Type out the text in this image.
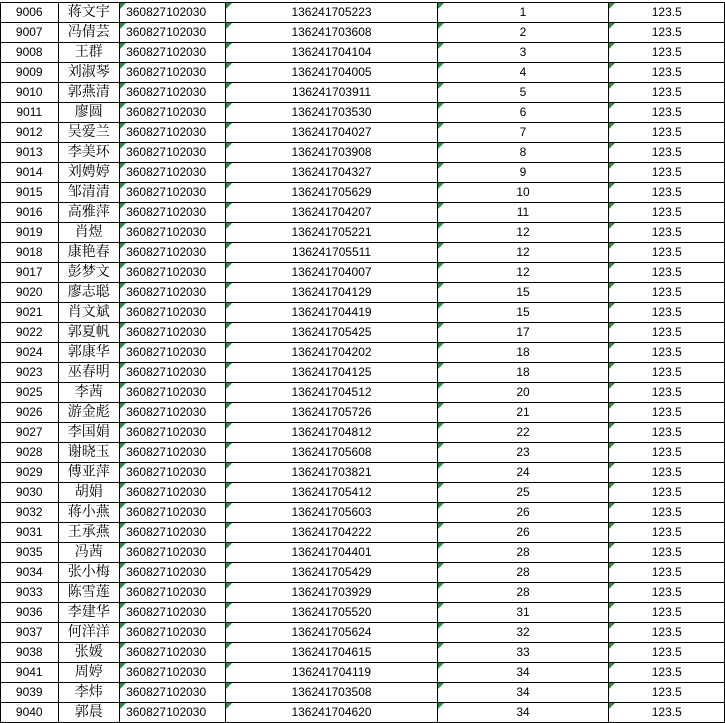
9006	蒋文宇	360827102030	136241705223	1	123.5
9007	冯倩芸	360827102030	136241703608	2	123.5
9008	王群	360827102030	136241704104	3	123.5
9009	刘淑琴	360827102030	136241704005	4	123.5
9010	郭燕清	360827102030	136241703911	5	123.5
9011	廖圆	360827102030	136241703530	6	123.5
9012	吴爱兰	360827102030	136241704027	7	123.5
9013	李美环	360827102030	136241703908	8	123.5
9014	刘娉婷	360827102030	136241704327	9	123.5
9015	邹清清	360827102030	136241705629	10	123.5
9016	高雅萍	360827102030	136241704207	11	123.5
9019	肖煜	360827102030	136241705221	12	123.5
9018	康艳春	360827102030	136241705511	12	123.5
9017	彭梦文	360827102030	136241704007	12	123.5
9020	廖志聪	360827102030	136241704129	15	123.5
9021	肖文斌	360827102030	136241704419	15	123.5
9022	郭夏帆	360827102030	136241705425	17	123.5
9024	郭康华	360827102030	136241704202	18	123.5
9023	巫春明	360827102030	136241704125	18	123.5
9025	李茜	360827102030	136241704512	20	123.5
9026	游金彪	360827102030	136241705726	21	123.5
9027	李国娟	360827102030	136241704812	22	123.5
9028	谢晓玉	360827102030	136241705608	23	123.5
9029	傅亚萍	360827102030	136241703821	24	123.5
9030	胡娟	360827102030	136241705412	25	123.5
9032	蒋小燕	360827102030	136241705603	26	123.5
9031	王承燕	360827102030	136241704222	26	123.5
9035	冯茜	360827102030	136241704401	28	123.5
9034	张小梅	360827102030	136241705429	28	123.5
9033	陈雪莲	360827102030	136241703929	28	123.5
9036	李建华	360827102030	136241705520	31	123.5
9037	何洋洋	360827102030	136241705624	32	123.5
9038	张媛	360827102030	136241704615	33	123.5
9041	周婷	360827102030	136241704119	34	123.5
9039	李炜	360827102030	136241703508	34	123.5
9040	郭晨	360827102030	136241704620	34	123.5
